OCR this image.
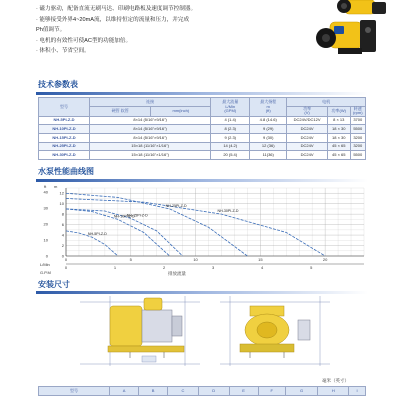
· 磁力驱动，配备直流无刷马达、印刷电路板及速度调节控制器。
· 能够接受外界4~20mA流，以维持恒定的流量和压力，并完成
Ph值调节。
· 电机的有效性可使AC型的功能加倍。
· 体积小、节省空间。
技术参数表
型号	连接		最大流量
L/Min
(GPM)	最大扬程
m
(ft)	电机		
	硬管 软管	mm(inch)			功率
(V)	功率(W)	转速
(rpm)
NH-5PI-Z-D	8×14 (5/16"×9/16")		4 (1.4)	4.8 (14.6)	DC24V/DC12V	8 × 13	3700
NH-10PI-Z-D	8×14 (5/16"×9/16")		8 (2.3)	9 (29)	DC24V	18 × 30	5500
NH-15PI-Z-D	8×14 (5/16"×9/16")		9 (2.3)	9 (30)	DC24V	18 × 30	3200
NH-25PI-Z-D	15×18 (11/16"×1/16")		14 (4.2)	12 (36)	DC24V	45 × 65	3200
NH-30PI-Z-D	15×18 (11/16"×1/16")		20 (5.4)	11(36)	DC24V	45 × 65	5500
水泵性能曲线图
0
2
4
6
8
10
12
0
10
20
30
40
0	5	10	15	20
0	1	2	3	4	5
NH-5PI-Z-D
NH-10PI-Z-D
NH-15PI-Z-D
NH-25PI-Z-D
NH-30PI-Z-D
m
ft
L/Min
G.P.M	排放流量
安装尺寸
毫米（英寸）
型号	A	B	C	D	E	F	G	H	I
